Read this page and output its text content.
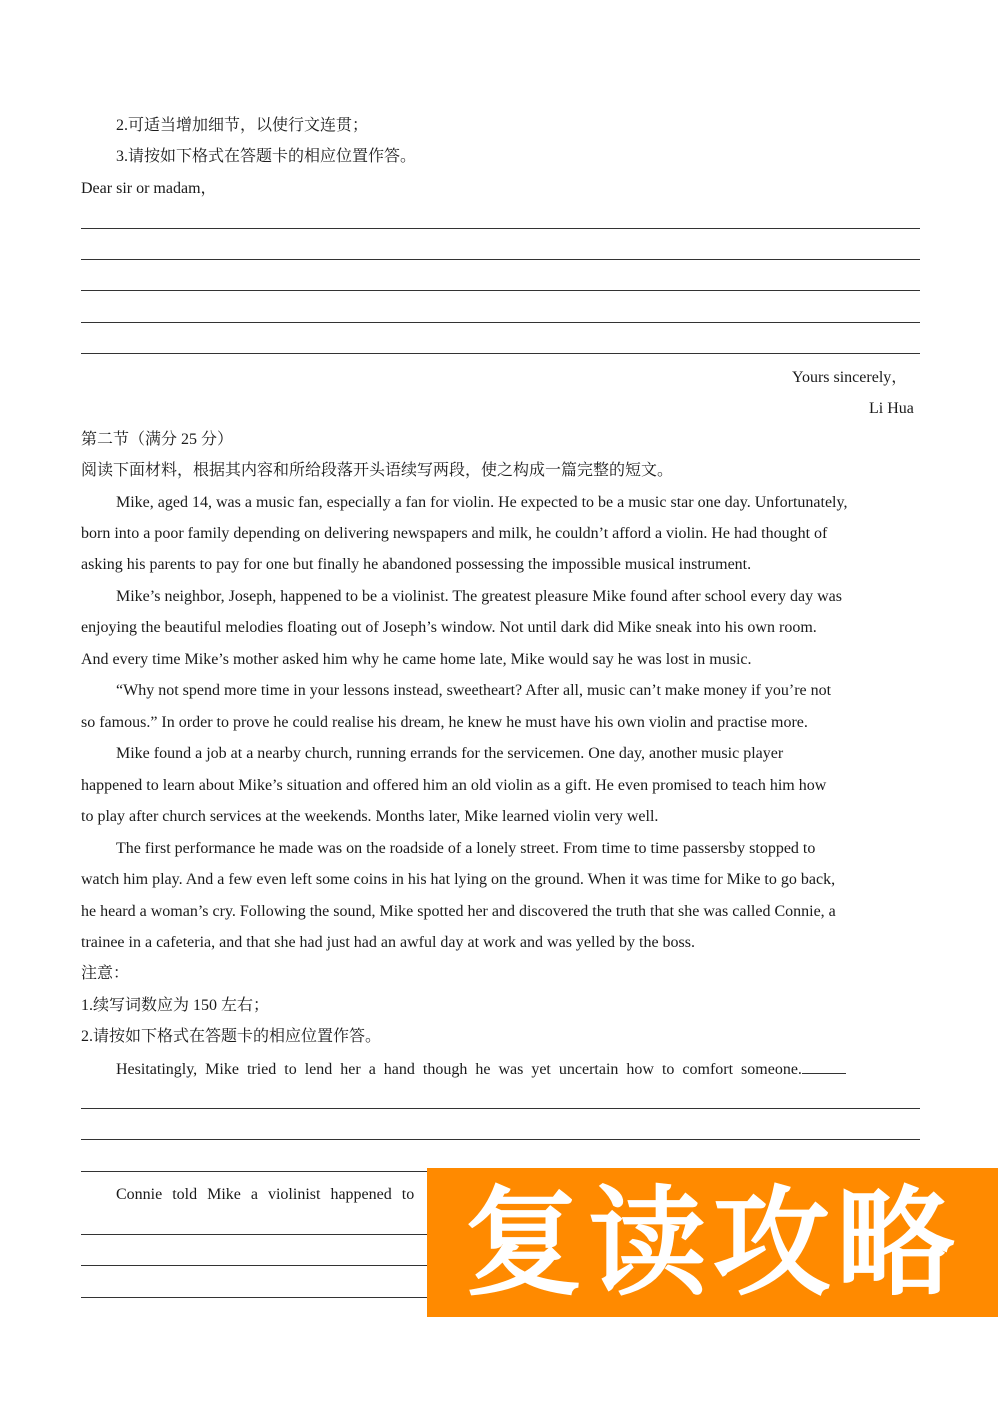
2.可适当增加细节，以使行文连贯；
3.请按如下格式在答题卡的相应位置作答。
Dear sir or madam，
Yours sincerely，
Li Hua
第二节（满分 25 分）
阅读下面材料，根据其内容和所给段落开头语续写两段，使之构成一篇完整的短文。
Mike, aged 14, was a music fan, especially a fan for violin. He expected to be a music star one day. Unfortunately,
born into a poor family depending on delivering newspapers and milk, he couldn’t afford a violin. He had thought of
asking his parents to pay for one but finally he abandoned possessing the impossible musical instrument.
Mike’s neighbor, Joseph, happened to be a violinist. The greatest pleasure Mike found after school every day was
enjoying the beautiful melodies floating out of Joseph’s window. Not until dark did Mike sneak into his own room.
And every time Mike’s mother asked him why he came home late, Mike would say he was lost in music.
“Why not spend more time in your lessons instead, sweetheart? After all, music can’t make money if you’re not
so famous.” In order to prove he could realise his dream, he knew he must have his own violin and practise more.
Mike found a job at a nearby church, running errands for the servicemen. One day, another music player
happened to learn about Mike’s situation and offered him an old violin as a gift. He even promised to teach him how
to play after church services at the weekends. Months later, Mike learned violin very well.
The first performance he made was on the roadside of a lonely street. From time to time passersby stopped to
watch him play. And a few even left some coins in his hat lying on the ground. When it was time for Mike to go back,
he heard a woman’s cry. Following the sound, Mike spotted her and discovered the truth that she was called Connie, a
trainee in a cafeteria, and that she had just had an awful day at work and was yelled by the boss.
注意：
1.续写词数应为 150 左右；
2.请按如下格式在答题卡的相应位置作答。
Hesitatingly, Mike tried to lend her a hand though he was yet uncertain how to comfort someone.
Connie told Mike a violinist happened to 复读攻略
